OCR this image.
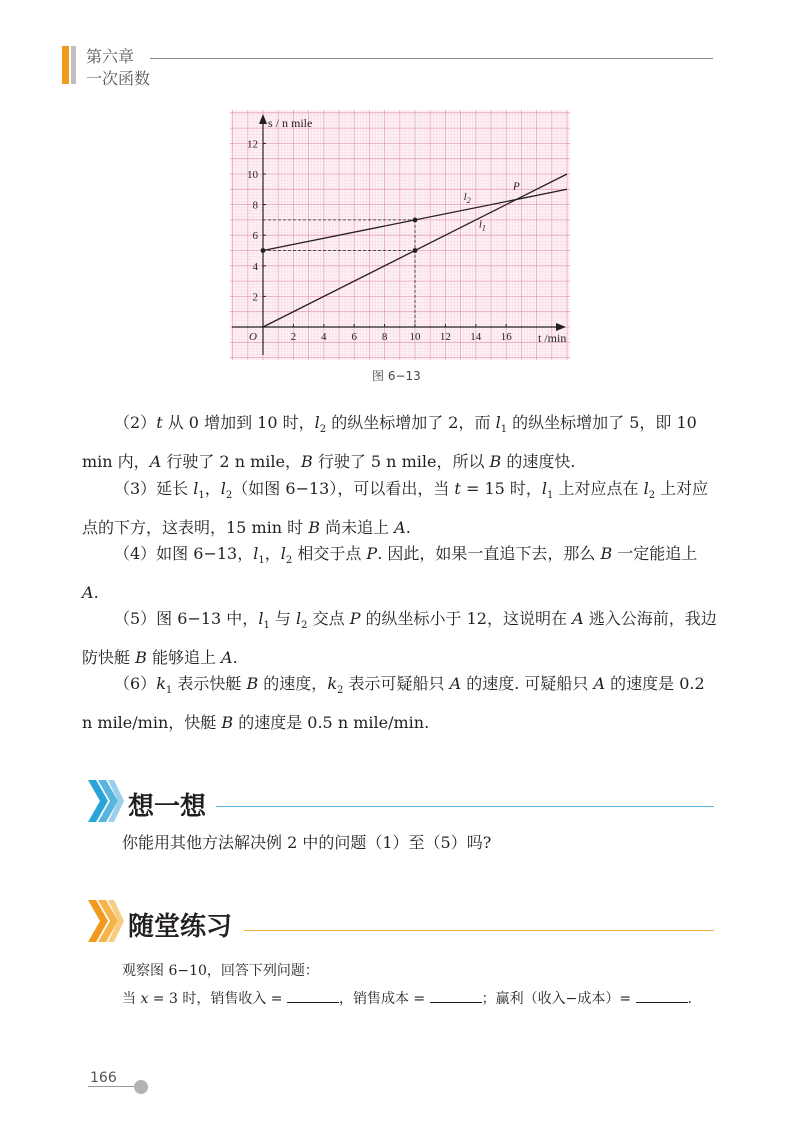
第六章
一次函数
2 4 6 8 10 12 14 16
2
4
6
8
10
12
O
s / n mile
t /min
$l_2$
$l_1$
P
图 6−13

（2）t 从 0 增加到 10 时，$l_2$ 的纵坐标增加了 2，而 $l_1$ 的纵坐标增加了 5，即 10 min 内，A 行驶了 2 n mile，B 行驶了 5 n mile，所以 B 的速度快.

（3）延长 $l_1$，$l_2$（如图 6−13），可以看出，当 t = 15 时，$l_1$ 上对应点在 $l_2$ 上对应点的下方，这表明，15 min 时 B 尚未追上 A.

（4）如图 6−13，$l_1$，$l_2$ 相交于点 P. 因此，如果一直追下去，那么 B 一定能追上 A.

（5）图 6−13 中，$l_1$ 与 $l_2$ 交点 P 的纵坐标小于 12，这说明在 A 逃入公海前，我边防快艇 B 能够追上 A.

$(6)k_1$ 表示快艇 B 的速度，$k_2$ 表示可疑船只 A 的速度. 可疑船只 A 的速度是 0.2 n mile/min，快艇 B 的速度是 0.5 n mile/min.

想一想
你能用其他方法解决例 2 中的问题（1）至（5）吗?
随堂练习
观察图 6−10，回答下列问题：
当 x = 3 时，销售收入 =	，销售成本 =	；赢利（收入−成本）=	.
166
